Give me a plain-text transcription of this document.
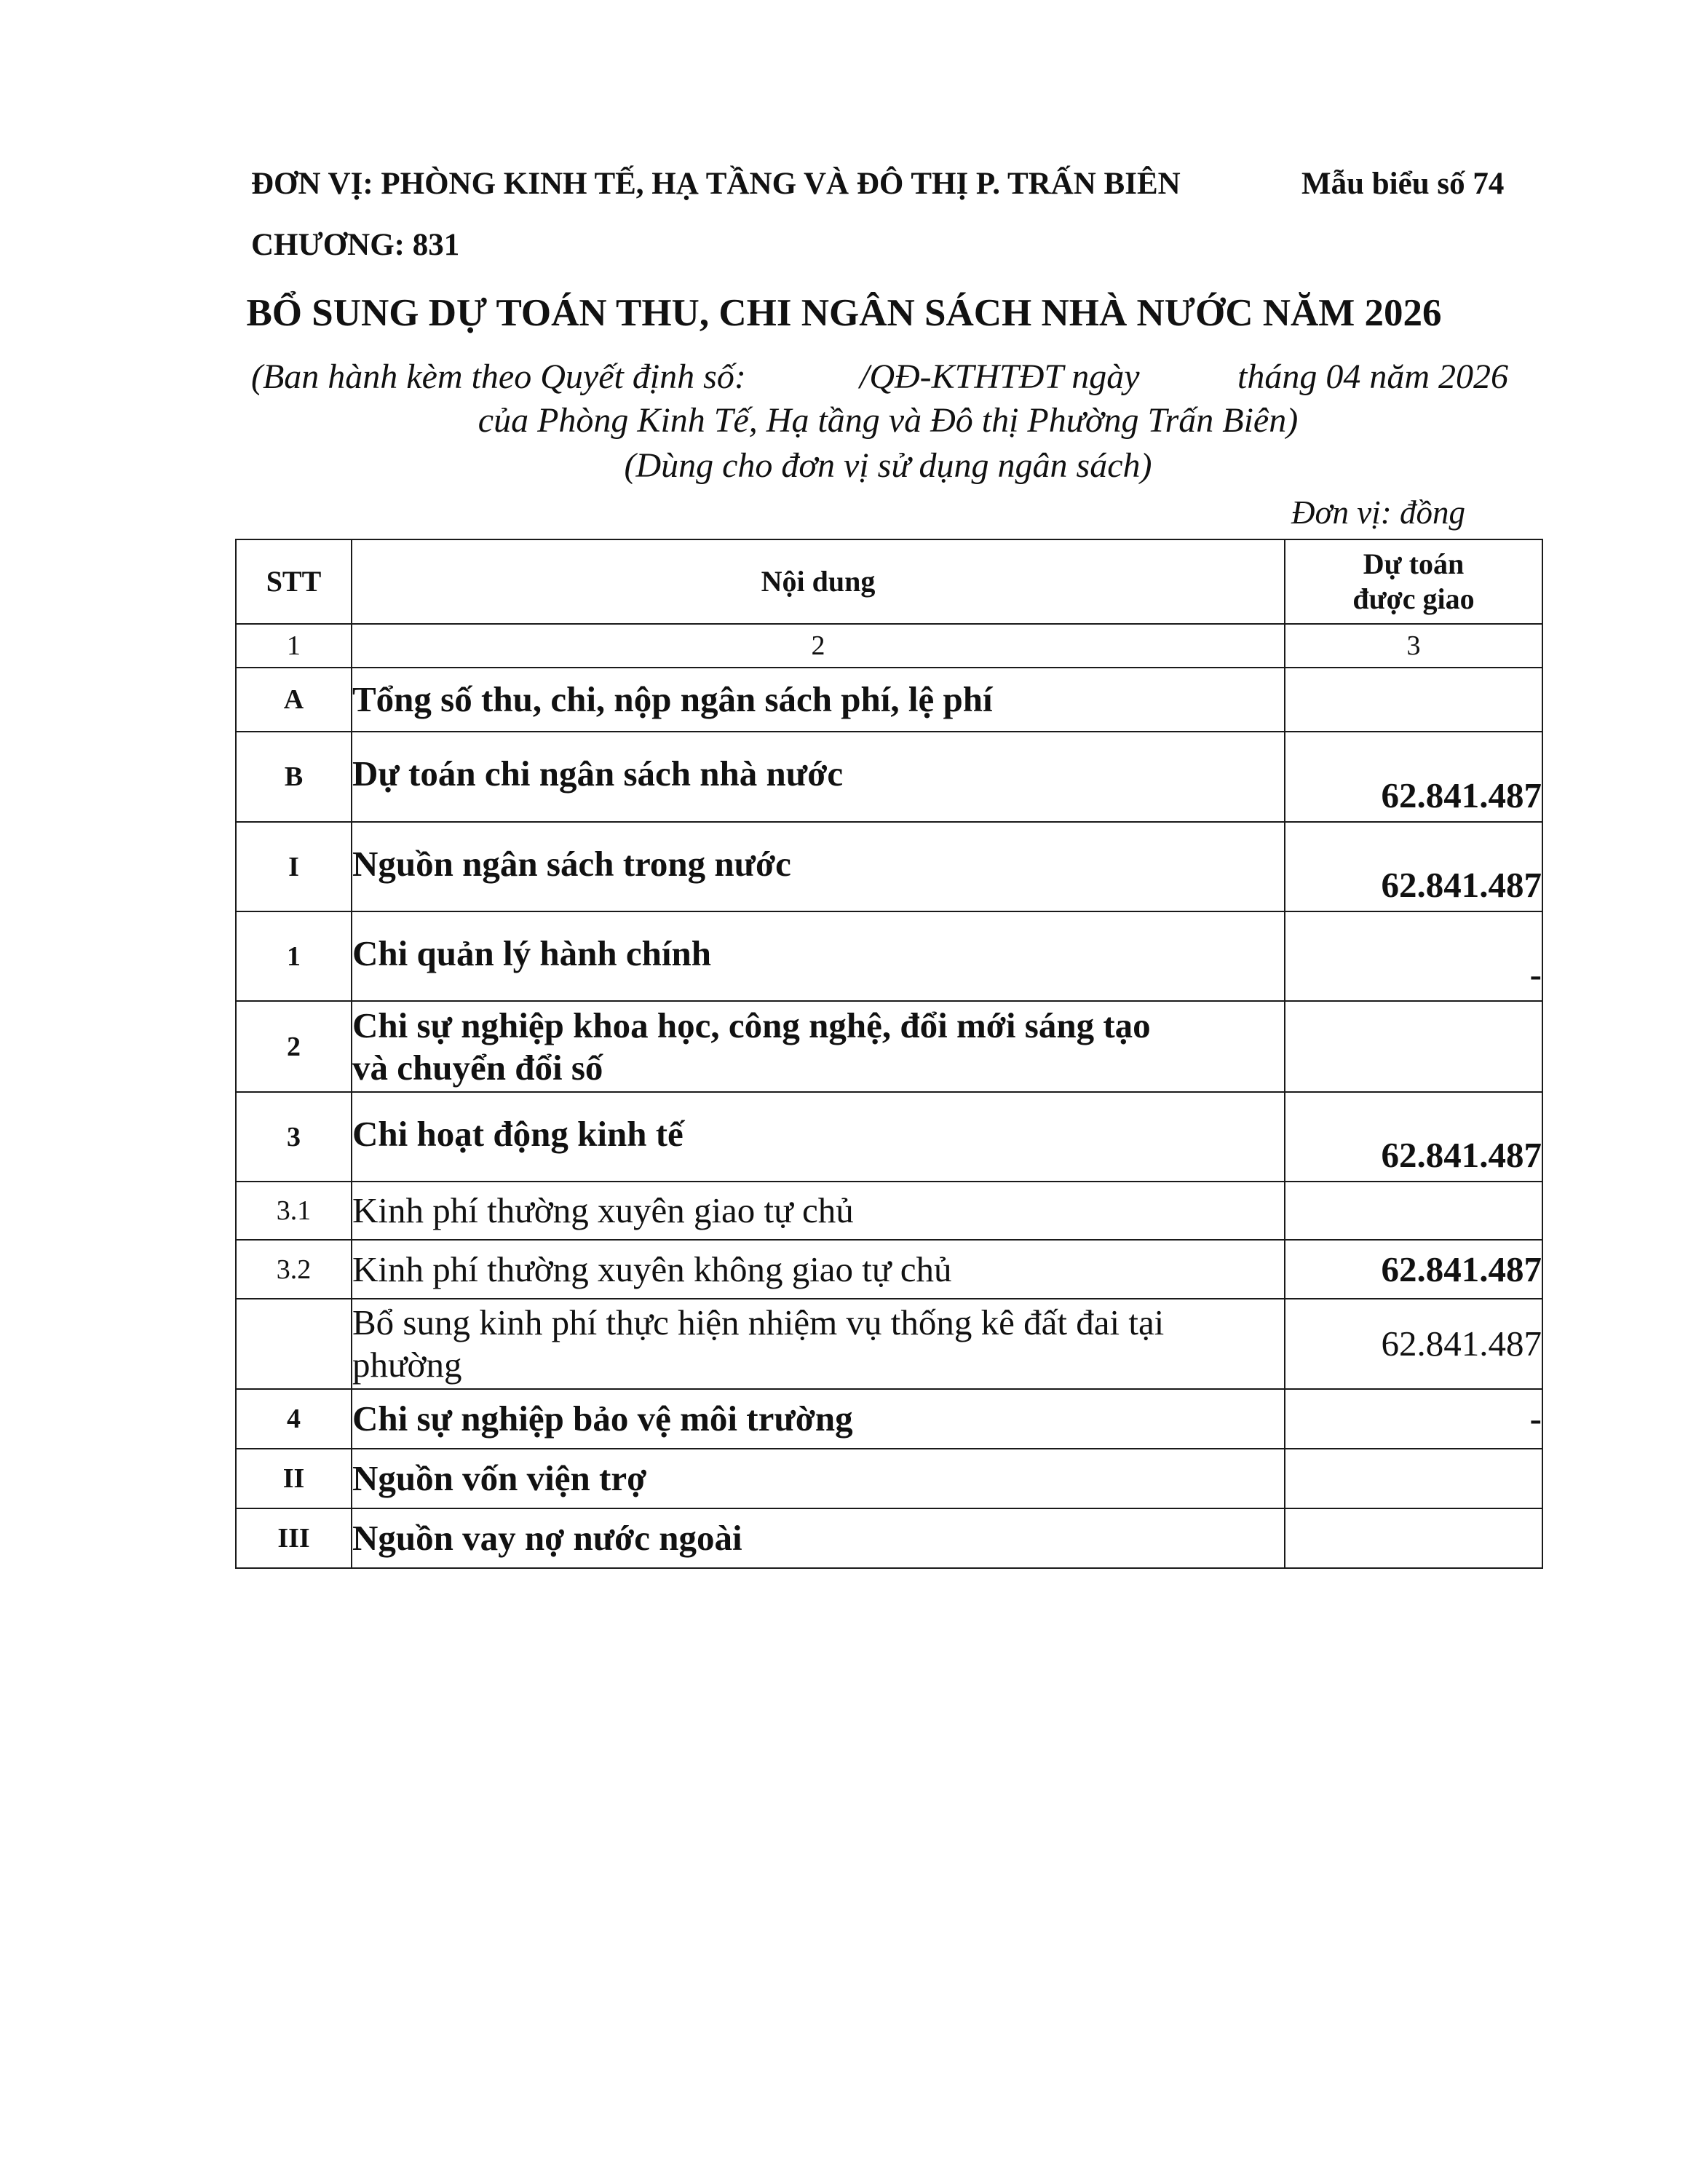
ĐƠN VỊ: PHÒNG KINH TẾ, HẠ TẦNG VÀ ĐÔ THỊ P. TRẤN BIÊN	Mẫu biểu số 74
CHƯƠNG: 831
BỔ SUNG DỰ TOÁN THU, CHI NGÂN SÁCH NHÀ NƯỚC NĂM 2026
(Ban hành kèm theo Quyết định số:	/QĐ-KTHTĐT ngày	tháng 04 năm 2026
của Phòng Kinh Tế, Hạ tầng và Đô thị Phường Trấn Biên)
(Dùng cho đơn vị sử dụng ngân sách)
Đơn vị: đồng
STT	Nội dung	Dự toán
được giao

1	2	3
A	Tổng số thu, chi, nộp ngân sách phí, lệ phí	
B	Dự toán chi ngân sách nhà nước	62.841.487
I	Nguồn ngân sách trong nước	62.841.487
1	Chi quản lý hành chính	-
2	Chi sự nghiệp khoa học, công nghệ, đổi mới sáng tạo
và chuyển đổi số	

3	Chi hoạt động kinh tế	62.841.487
3.1	Kinh phí thường xuyên giao tự chủ	
3.2	Kinh phí thường xuyên không giao tự chủ	62.841.487

	Bổ sung kinh phí thực hiện nhiệm vụ thống kê đất đai tại
phường	62.841.487
4	Chi sự nghiệp bảo vệ môi trường	-
II	Nguồn vốn viện trợ	
III	Nguồn vay nợ nước ngoài	
